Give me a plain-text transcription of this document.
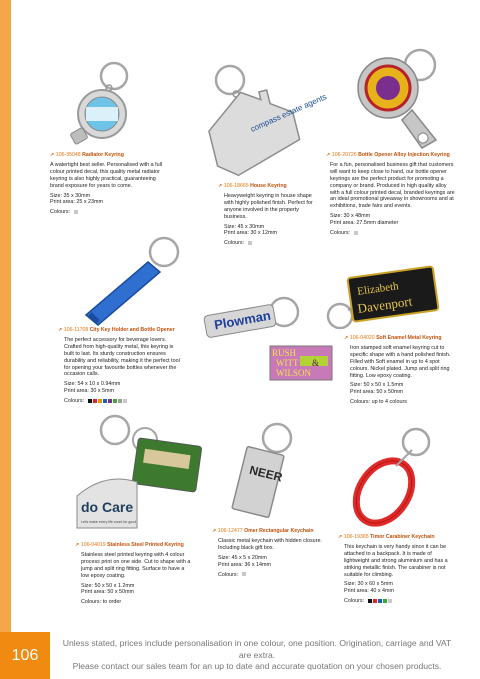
106
Unless stated, prices include personalisation in one colour, one position. Origination, carriage and VAT are extra.
Please contact our sales team for an up to date and accurate quotation on your chosen products.
compass estate agents
Plowman
RUSH
WITT &
WILSON
Elizabeth
Davenport
do Care
Let's make every life count for good
NEER
↗ 106-35048 Radiator Keyring

A watertight best seller. Personalised with a full colour printed decal, this quality metal radiator keyring is also highly practical, guaranteeing brand exposure for years to come.

Size: 35 x 30mm
Print area: 25 x 23mm
Colours:
↗ 106-18665 House Keyring

Heavyweight keyring in house shape with highly polished finish. Perfect for anyone involved in the property business.

Size: 45 x 30mm
Print area: 30 x 12mm
Colours:
↗ 106-20726 Bottle Opener Alloy Injection Keyring

For a fun, personalised business gift that customers will want to keep close to hand, our bottle opener keyrings are the perfect product for promoting a company or brand. Produced in high quality alloy with a full colour printed decal, branded keyrings are an ideal promotional giveaway in showrooms and at exhibitions, trade fairs and events.

Size: 30 x 48mm
Print area: 27.5mm diameter
Colours:
↗ 106-11708 City Key Holder and Bottle Opener

The perfect accessory for beverage lovers. Crafted from high-quality metal, this keyring is built to last. Its sturdy construction ensures durability and reliability, making it the perfect tool for opening your favourite bottles whenever the occasion calls.

Size: 54 x 10 x 0.94mm
Print area: 30 x 5mm
Colours:
↗ 106-04020 Soft Enamel Metal Keyring

Iron stamped soft enamel keyring cut to specific shape with a hand polished finish. Filled with Soft enamel in up to 4 spot colours. Nickel plated. Jump and split ring fitting. Low epoxy coating.

Size: 50 x 50 x 1.5mm
Print area: 50 x 50mm
Colours: up to 4 colours
↗ 106-04019 Stainless Steel Printed Keyring

Stainless steel printed keyring with 4 colour process print on one side. Cut to shape with a jump and split ring fitting. Surface to have a low epoxy coating.

Size: 50 x 50 x 1.2mm
Print area: 50 x 50mm
Colours: to order
↗ 106-12477 Omer Rectangular Keychain

Classic metal keychain with hidden closure. Including black gift box.

Size: 45 x 5 x 20mm
Print area: 36 x 14mm
Colours:
↗ 106-19365 Timor Carabiner Keychain

This keychain is very handy since it can be attached to a backpack. It is made of lightweight and strong aluminium and has a striking metallic finish. The carabiner is not suitable for climbing.

Size: 30 x 60 x 5mm
Print area: 40 x 4mm
Colours:
